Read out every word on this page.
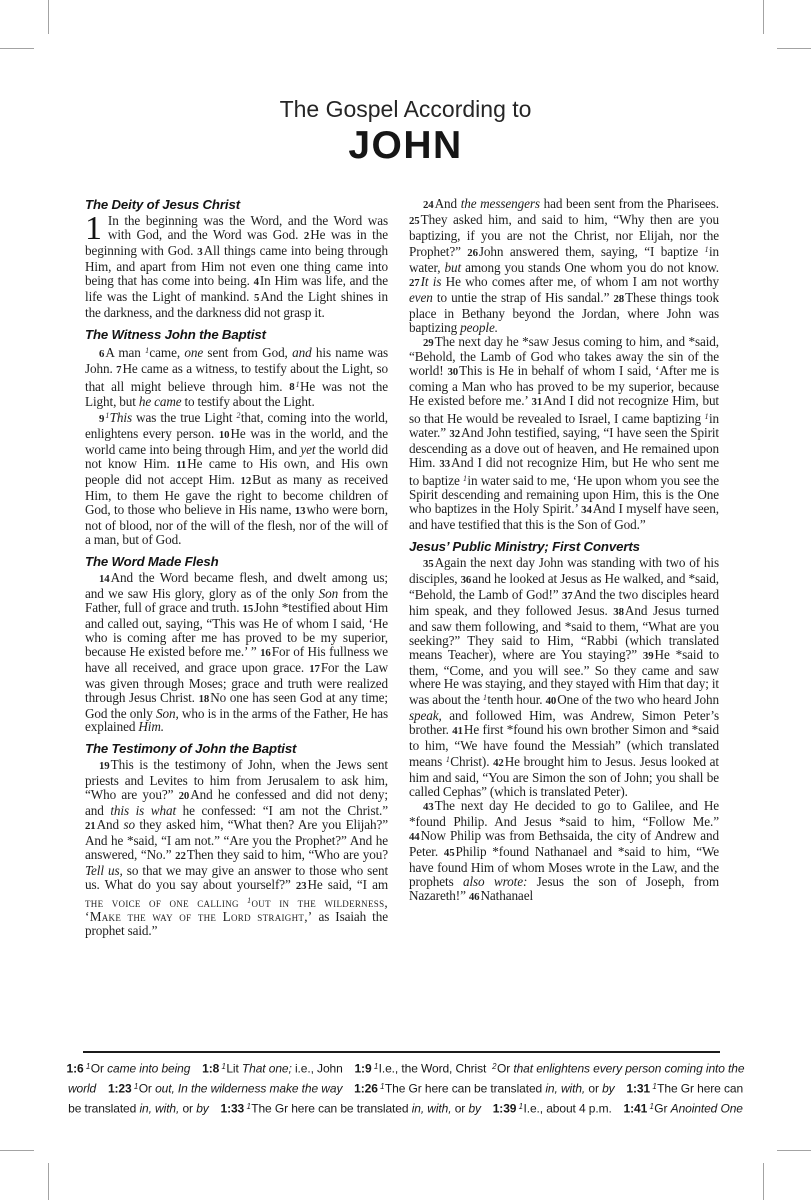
The Gospel According to
JOHN
The Deity of Jesus Christ

1 In the beginning was the Word, and the Word was with God, and the Word was God. 2He was in the beginning with God. 3All things came into being through Him, and apart from Him not even one thing came into being that has come into being. 4In Him was life, and the life was the Light of mankind. 5And the Light shines in the darkness, and the darkness did not grasp it.

The Witness John the Baptist

6A man $^1$came, one sent from God, and his name was John. 7He came as a witness, to testify about the Light, so that all might believe through him. $8^1He$ was not the Light, but he came to testify about the Light.

$9^1This$ was the true Light $^2$that, coming into the world, enlightens every person. 10He was in the world, and the world came into being through Him, and yet the world did not know Him. 11He came to His own, and His own people did not accept Him. 12But as many as received Him, to them He gave the right to become children of God, to those who believe in His name, 13who were born, not of blood, nor of the will of the flesh, nor of the will of a man, but of God.

The Word Made Flesh

14And the Word became flesh, and dwelt among us; and we saw His glory, glory as of the only Son from the Father, full of grace and truth. 15John *testified about Him and called out, saying, “This was He of whom I said, ‘He who is coming after me has proved to be my superior, because He existed before me.’ ” 16For of His fullness we have all received, and grace upon grace. 17For the Law was given through Moses; grace and truth were realized through Jesus Christ. 18No one has seen God at any time; God the only Son, who is in the arms of the Father, He has explained Him.

The Testimony of John the Baptist

19This is the testimony of John, when the Jews sent priests and Levites to him from Jerusalem to ask him, “Who are you?” 20And he confessed and did not deny; and this is what he confessed: “I am not the Christ.” 21And so they asked him, “What then? Are you Elijah?” And he *said, “I am not.” “Are you the Prophet?” And he answered, “No.” 22Then they said to him, “Who are you? Tell us, so that we may give an answer to those who sent us. What do you say about yourself?” 23He said, “I am the voice of one calling $^1$out in the wilderness, ‘Make the way of the Lord straight,’ as Isaiah the prophet said.”

24And the messengers had been sent from the Pharisees. 25They asked him, and said to him, “Why then are you baptizing, if you are not the Christ, nor Elijah, nor the Prophet?” 26John answered them, saying, “I baptize $^1$in water, but among you stands One whom you do not know. 27It is He who comes after me, of whom I am not worthy even to untie the strap of His sandal.” 28These things took place in Bethany beyond the Jordan, where John was baptizing people.

29The next day he *saw Jesus coming to him, and *said, “Behold, the Lamb of God who takes away the sin of the world! 30This is He in behalf of whom I said, ‘After me is coming a Man who has proved to be my superior, because He existed before me.’ 31And I did not recognize Him, but so that He would be revealed to Israel, I came baptizing $^1$in water.” 32And John testified, saying, “I have seen the Spirit descending as a dove out of heaven, and He remained upon Him. 33And I did not recognize Him, but He who sent me to baptize $^1$in water said to me, ‘He upon whom you see the Spirit descending and remaining upon Him, this is the One who baptizes in the Holy Spirit.’ 34And I myself have seen, and have testified that this is the Son of God.”

Jesus’ Public Ministry; First Converts

35Again the next day John was standing with two of his disciples, 36and he looked at Jesus as He walked, and *said, “Behold, the Lamb of God!” 37And the two disciples heard him speak, and they followed Jesus. 38And Jesus turned and saw them following, and *said to them, “What are you seeking?” They said to Him, “Rabbi (which translated means Teacher), where are You staying?” 39He *said to them, “Come, and you will see.” So they came and saw where He was staying, and they stayed with Him that day; it was about the $^1$tenth hour. 40One of the two who heard John speak, and followed Him, was Andrew, Simon Peter’s brother. 41He first *found his own brother Simon and *said to him, “We have found the Messiah” (which translated means $^1$Christ). 42He brought him to Jesus. Jesus looked at him and said, “You are Simon the son of John; you shall be called Cephas” (which is translated Peter).

43The next day He decided to go to Galilee, and He *found Philip. And Jesus *said to him, “Follow Me.” 44Now Philip was from Bethsaida, the city of Andrew and Peter. 45Philip *found Nathanael and *said to him, “We have found Him of whom Moses wrote in the Law, and the prophets also wrote: Jesus the son of Joseph, from Nazareth!” 46Nathanael

1:6  $^1$Or came into being   1:8  $^1$Lit That one; i.e., John  1:9  $^1$I.e., the Word, Christ $^2$Or that enlightens every person coming into the world   1:23  $^1$Or out, In the wilderness make the way   1:26  $^1$The Gr here can be translated in, with, or by   1:31  $^1$The Gr here can be translated in, with, or by   1:33  $^1$The Gr here can be translated in, with, or by   1:39  $^1$I.e., about 4 p.m.  1:41  $^1$Gr Anointed One
